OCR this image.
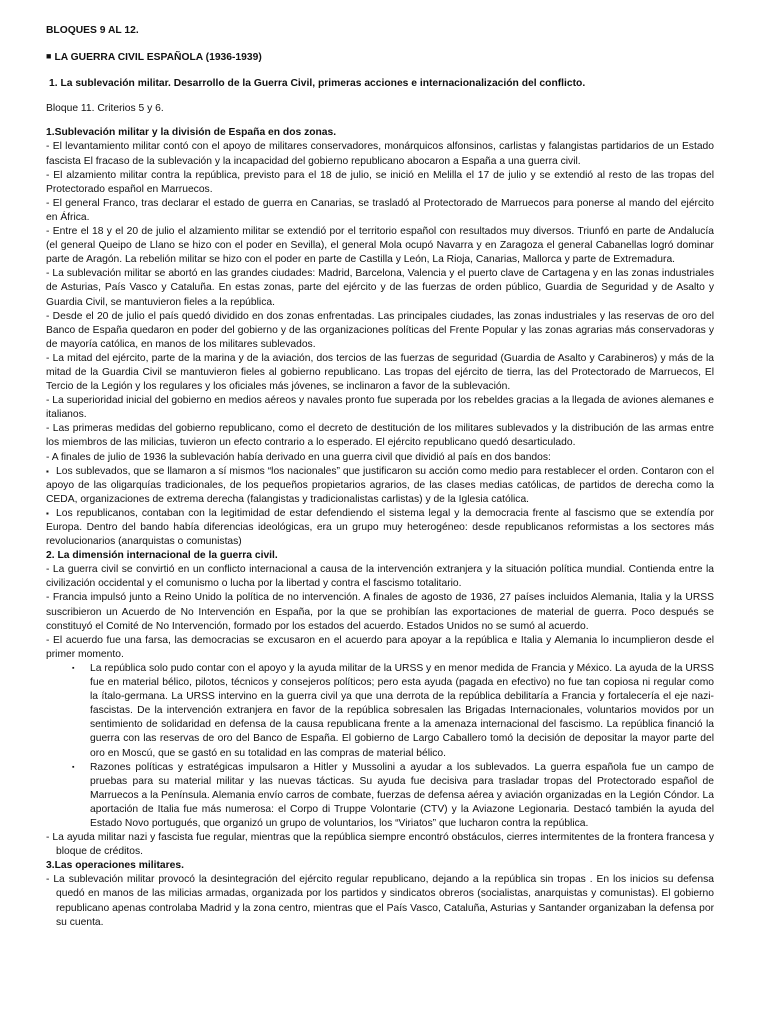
BLOQUES 9 AL 12.

■ LA GUERRA CIVIL ESPAÑOLA (1936-1939)

1. La sublevación militar. Desarrollo de la Guerra Civil, primeras acciones e internacionalización del conflicto.

Bloque 11. Criterios 5 y 6.

1.Sublevación militar y la división de España en dos zonas.

- El levantamiento militar contó con el apoyo de militares conservadores, monárquicos alfonsinos, carlistas y falangistas partidarios de un Estado fascista El fracaso de la sublevación y la incapacidad del gobierno republicano abocaron a España a una guerra civil.

- El alzamiento militar contra la república, previsto para el 18 de julio, se inició en Melilla el 17 de julio y se extendió al resto de las tropas del Protectorado español en Marruecos.

- El general Franco, tras declarar el estado de guerra en Canarias, se trasladó al Protectorado de Marruecos para ponerse al mando del ejército en África.

- Entre el 18 y el 20 de julio el alzamiento militar se extendió por el territorio español con resultados muy diversos. Triunfó en parte de Andalucía (el general Queipo de Llano se hizo con el poder en Sevilla), el general Mola ocupó Navarra y en Zaragoza el general Cabanellas logró dominar parte de Aragón. La rebelión militar se hizo con el poder en parte de Castilla y León, La Rioja, Canarias, Mallorca y parte de Extremadura.

- La sublevación militar se abortó en las grandes ciudades: Madrid, Barcelona, Valencia y el puerto clave de Cartagena y en las zonas industriales de Asturias, País Vasco y Cataluña. En estas zonas, parte del ejército y de las fuerzas de orden público, Guardia de Seguridad y de Asalto y Guardia Civil, se mantuvieron fieles a la república.

- Desde el 20 de julio el país quedó dividido en dos zonas enfrentadas. Las principales ciudades, las zonas industriales y las reservas de oro del Banco de España quedaron en poder del gobierno y de las organizaciones políticas del Frente Popular y las zonas agrarias más conservadoras y de mayoría católica, en manos de los militares sublevados.

- La mitad del ejército, parte de la marina y de la aviación, dos tercios de las fuerzas de seguridad (Guardia de Asalto y Carabineros) y más de la mitad de la Guardia Civil se mantuvieron fieles al gobierno republicano. Las tropas del ejército de tierra, las del Protectorado de Marruecos, El Tercio de la Legión y los regulares y los oficiales más jóvenes, se inclinaron a favor de la sublevación.

- La superioridad inicial del gobierno en medios aéreos y navales pronto fue superada por los rebeldes gracias a la llegada de aviones alemanes e italianos.

- Las primeras medidas del gobierno republicano, como el decreto de destitución de los militares sublevados y la distribución de las armas entre los miembros de las milicias, tuvieron un efecto contrario a lo esperado. El ejército republicano quedó desarticulado.

- A finales de julio de 1936 la sublevación había derivado en una guerra civil que dividió al país en dos bandos:

▪ Los sublevados, que se llamaron a sí mismos “los nacionales” que justificaron su acción como medio para restablecer el orden. Contaron con el apoyo de las oligarquías tradicionales, de los pequeños propietarios agrarios, de las clases medias católicas, de partidos de derecha como la CEDA, organizaciones de extrema derecha (falangistas y tradicionalistas carlistas) y de la Iglesia católica.

▪ Los republicanos, contaban con la legitimidad de estar defendiendo el sistema legal y la democracia frente al fascismo que se extendía por Europa. Dentro del bando había diferencias ideológicas, era un grupo muy heterogéneo: desde republicanos reformistas a los sectores más revolucionarios (anarquistas o comunistas)

2. La dimensión internacional de la guerra civil.

- La guerra civil se convirtió en un conflicto internacional a causa de la intervención extranjera y la situación política mundial. Contienda entre la civilización occidental y el comunismo o lucha por la libertad y contra el fascismo totalitario.

- Francia impulsó junto a Reino Unido la política de no intervención. A finales de agosto de 1936, 27 países incluidos Alemania, Italia y la URSS suscribieron un Acuerdo de No Intervención en España, por la que se prohibían las exportaciones de material de guerra. Poco después se constituyó el Comité de No Intervención, formado por los estados del acuerdo. Estados Unidos no se sumó al acuerdo.

- El acuerdo fue una farsa, las democracias se excusaron en el acuerdo para apoyar a la república e Italia y Alemania lo incumplieron desde el primer momento.

▪ La república solo pudo contar con el apoyo y la ayuda militar de la URSS y en menor medida de Francia y México. La ayuda de la URSS fue en material bélico, pilotos, técnicos y consejeros políticos; pero esta ayuda (pagada en efectivo) no fue tan copiosa ni regular como la ítalo-germana. La URSS intervino en la guerra civil ya que una derrota de la república debilitaría a Francia y fortalecería el eje nazi-fascistas. De la intervención extranjera en favor de la república sobresalen las Brigadas Internacionales, voluntarios movidos por un sentimiento de solidaridad en defensa de la causa republicana frente a la amenaza internacional del fascismo. La república financió la guerra con las reservas de oro del Banco de España. El gobierno de Largo Caballero tomó la decisión de depositar la mayor parte del oro en Moscú, que se gastó en su totalidad en las compras de material bélico.
▪ Razones políticas y estratégicas impulsaron a Hitler y Mussolini a ayudar a los sublevados. La guerra española fue un campo de pruebas para su material militar y las nuevas tácticas. Su ayuda fue decisiva para trasladar tropas del Protectorado español de Marruecos a la Península. Alemania envío carros de combate, fuerzas de defensa aérea y aviación organizadas en la Legión Cóndor. La aportación de Italia fue más numerosa: el Corpo di Truppe Volontarie (CTV) y la Aviazone Legionaria. Destacó también la ayuda del Estado Novo portugués, que organizó un grupo de voluntarios, los “Viriatos” que lucharon contra la república.

- La ayuda militar nazi y fascista fue regular, mientras que la república siempre encontró obstáculos, cierres intermitentes de la frontera francesa y bloque de créditos.

3.Las operaciones militares.

- La sublevación militar provocó la desintegración del ejército regular republicano, dejando a la república sin tropas . En los inicios su defensa quedó en manos de las milicias armadas, organizada por los partidos y sindicatos obreros (socialistas, anarquistas y comunistas). El gobierno republicano apenas controlaba Madrid y la zona centro, mientras que el País Vasco, Cataluña, Asturias y Santander organizaban la defensa por su cuenta.
